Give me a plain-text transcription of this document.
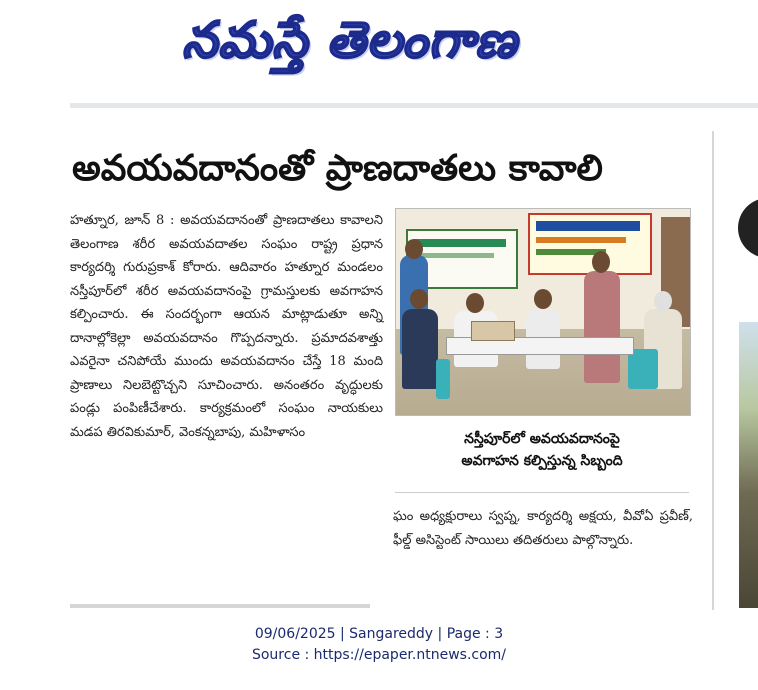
నమస్తే తెలంగాణ
అవయవదానంతో ప్రాణదాతలు కావాలి

హత్నూర, జూన్ 8 : అవయవదానంతో ప్రాణదాతలు కావాలని తెలంగాణ శరీర అవయవదాతల సంఘం రాష్ట్ర ప్రధాన కార్యదర్శి గురుప్రకాశ్ కోరారు. ఆదివారం హత్నూర మండలం నస్తీపూర్‌లో శరీర అవయవదానంపై గ్రామస్తులకు అవగాహన కల్పించారు. ఈ సందర్భంగా ఆయన మాట్లాడుతూ అన్ని దానాల్లోకెల్లా అవయవదానం గొప్పదన్నారు. ప్రమాదవశాత్తు ఎవరైనా చనిపోయే ముందు అవయవదానం చేస్తే 18 మంది ప్రాణాలు నిలబెట్టొచ్చని సూచించారు. అనంతరం వృద్ధులకు పండ్లు పంపిణీచేశారు. కార్యక్రమంలో సంఘం నాయకులు మడప తిరవికుమార్, వెంకన్నబాపు, మహిళాసం	నస్తీపూర్‌లో అవయవదానంపై
అవగాహన కల్పిస్తున్న సిబ్బంది

ఘం అధ్యక్షురాలు స్వప్న, కార్యదర్శి అక్షయ, వీవోఏ ప్రవీణ్, ఫీల్డ్ అసిస్టెంట్ సాయిలు తదితరులు పాల్గొన్నారు.

09/06/2025 | Sangareddy | Page : 3
Source : https://epaper.ntnews.com/
